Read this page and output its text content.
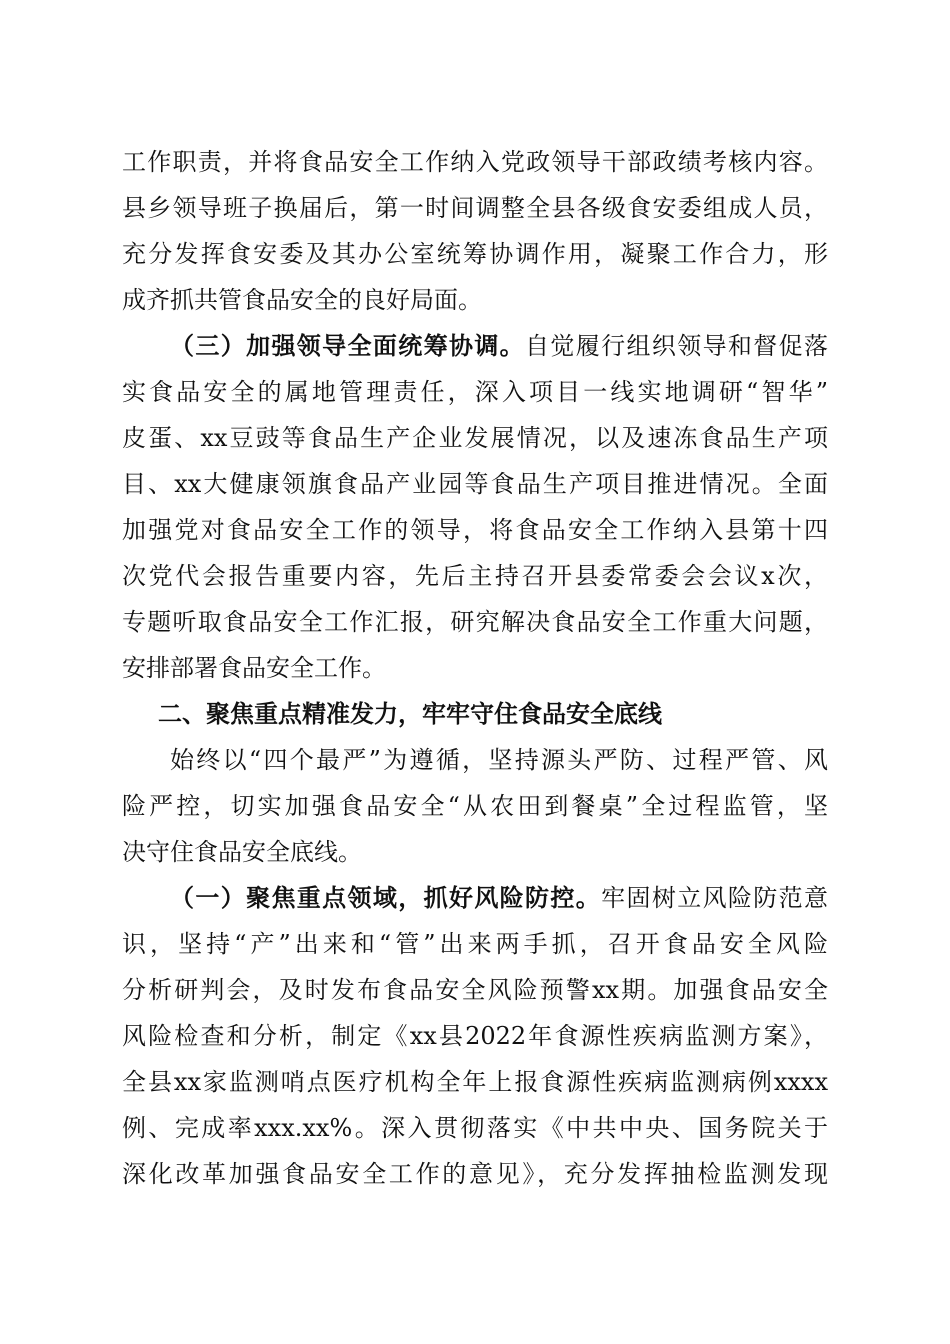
工作职责，并将食品安全工作纳入党政领导干部政绩考核内容。
县乡领导班子换届后，第一时间调整全县各级食安委组成人员，
充分发挥食安委及其办公室统筹协调作用，凝聚工作合力，形
成齐抓共管食品安全的良好局面。
（三）加强领导全面统筹协调。自觉履行组织领导和督促落
实食品安全的属地管理责任，深入项目一线实地调研“智华”
皮蛋、xx豆豉等食品生产企业发展情况，以及速冻食品生产项
目、xx大健康领旗食品产业园等食品生产项目推进情况。全面
加强党对食品安全工作的领导，将食品安全工作纳入县第十四
次党代会报告重要内容，先后主持召开县委常委会会议x次，
专题听取食品安全工作汇报，研究解决食品安全工作重大问题，
安排部署食品安全工作。
二、聚焦重点精准发力，牢牢守住食品安全底线
始终以“四个最严”为遵循，坚持源头严防、过程严管、风
险严控，切实加强食品安全“从农田到餐桌”全过程监管，坚
决守住食品安全底线。
（一）聚焦重点领域，抓好风险防控。牢固树立风险防范意
识，坚持“产”出来和“管”出来两手抓，召开食品安全风险
分析研判会，及时发布食品安全风险预警xx期。加强食品安全
风险检查和分析，制定《xx县2022年食源性疾病监测方案》，
全县xx家监测哨点医疗机构全年上报食源性疾病监测病例xxxx
例、完成率xxx.xx%。深入贯彻落实《中共中央、国务院关于
深化改革加强食品安全工作的意见》，充分发挥抽检监测发现
